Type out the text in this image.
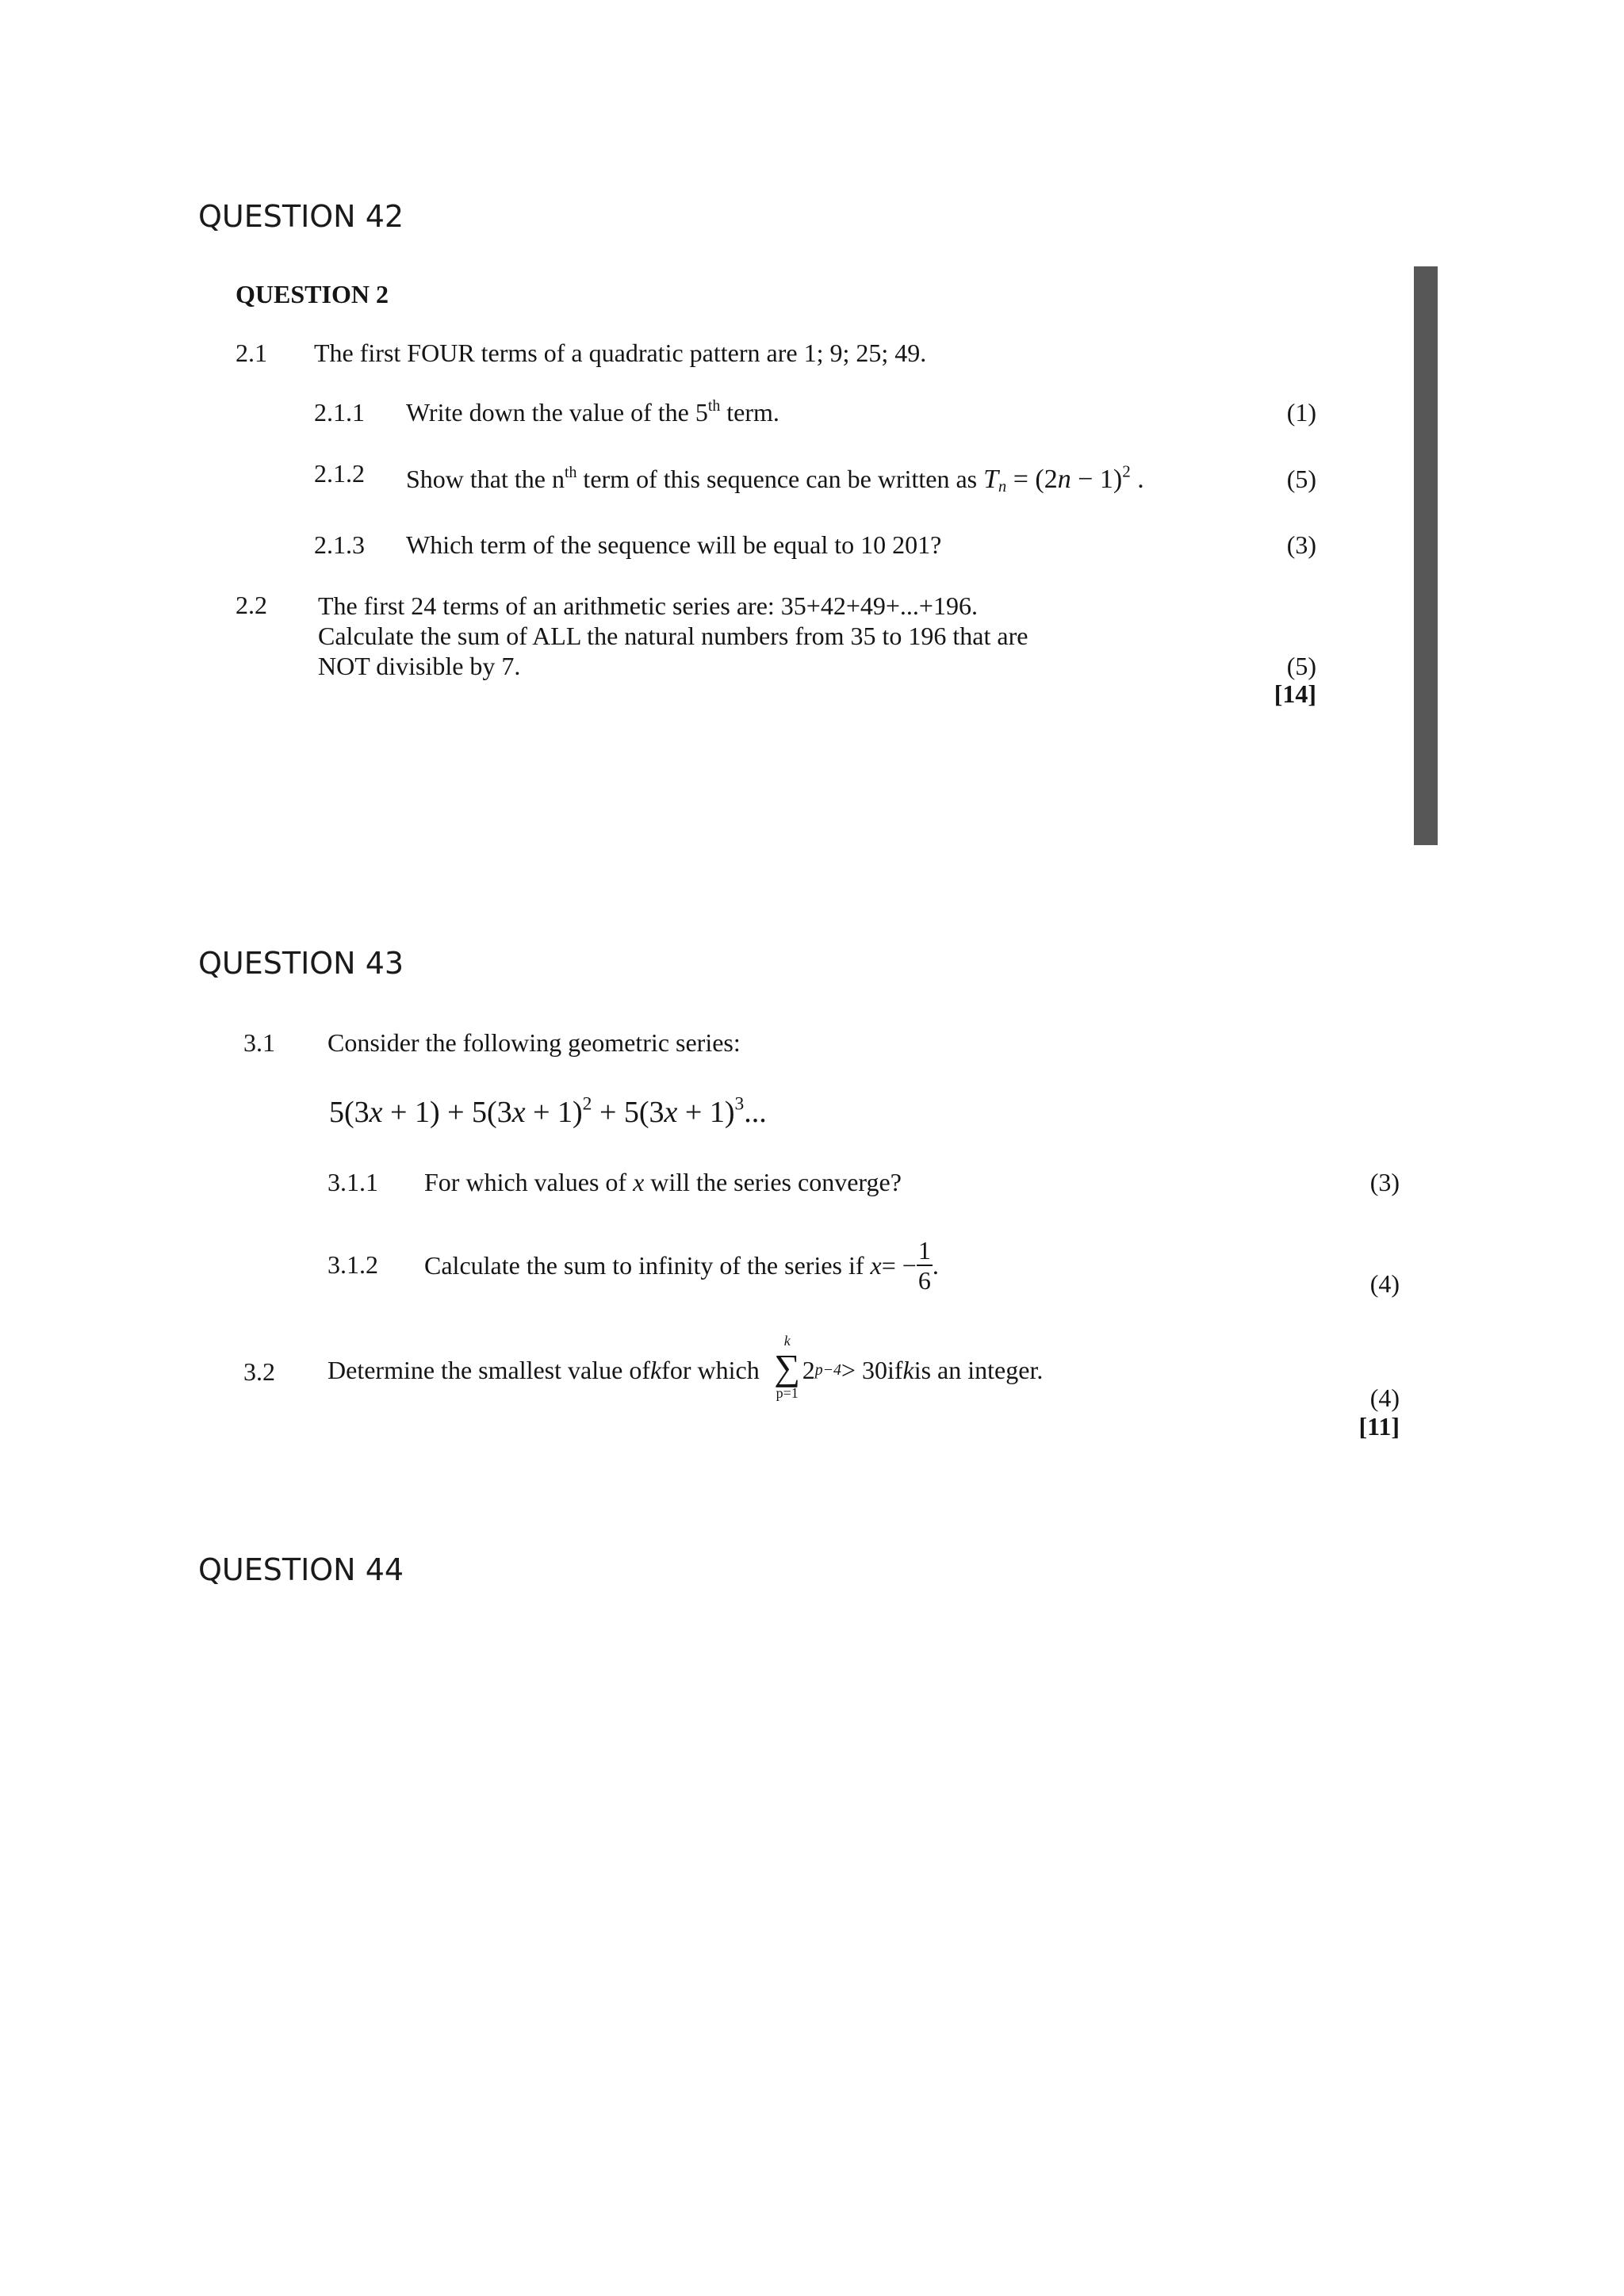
QUESTION 42
QUESTION 2
2.1 The first FOUR terms of a quadratic pattern are 1; 9; 25; 49.
2.1.1 Write down the value of the 5th term.	(1)
2.1.2 Show that the $n^{th}$ term of this sequence can be written as $T_n = (2n - 1)^2$ .	(5)
2.1.3 Which term of the sequence will be equal to 10 201?	(3)
2.2 The first 24 terms of an arithmetic series are: 35+42+49+...+196.
Calculate the sum of ALL the natural numbers from 35 to 196 that are
NOT divisible by 7.	(5)
[14]
QUESTION 43
3.1 Consider the following geometric series:
$5(3x + 1) + 5(3x + 1)^2 + 5(3x + 1)^3$...
3.1.1 For which values of x will the series converge?	(3)
3.1.2 Calculate the sum to infinity of the series if x = − $\frac{1}{6}$ .
(4)
3.2 Determine the smallest value of k for which
k
∑
p=1
2 p−4 > 30 if k is an integer.
(4)
[11]
QUESTION 44
